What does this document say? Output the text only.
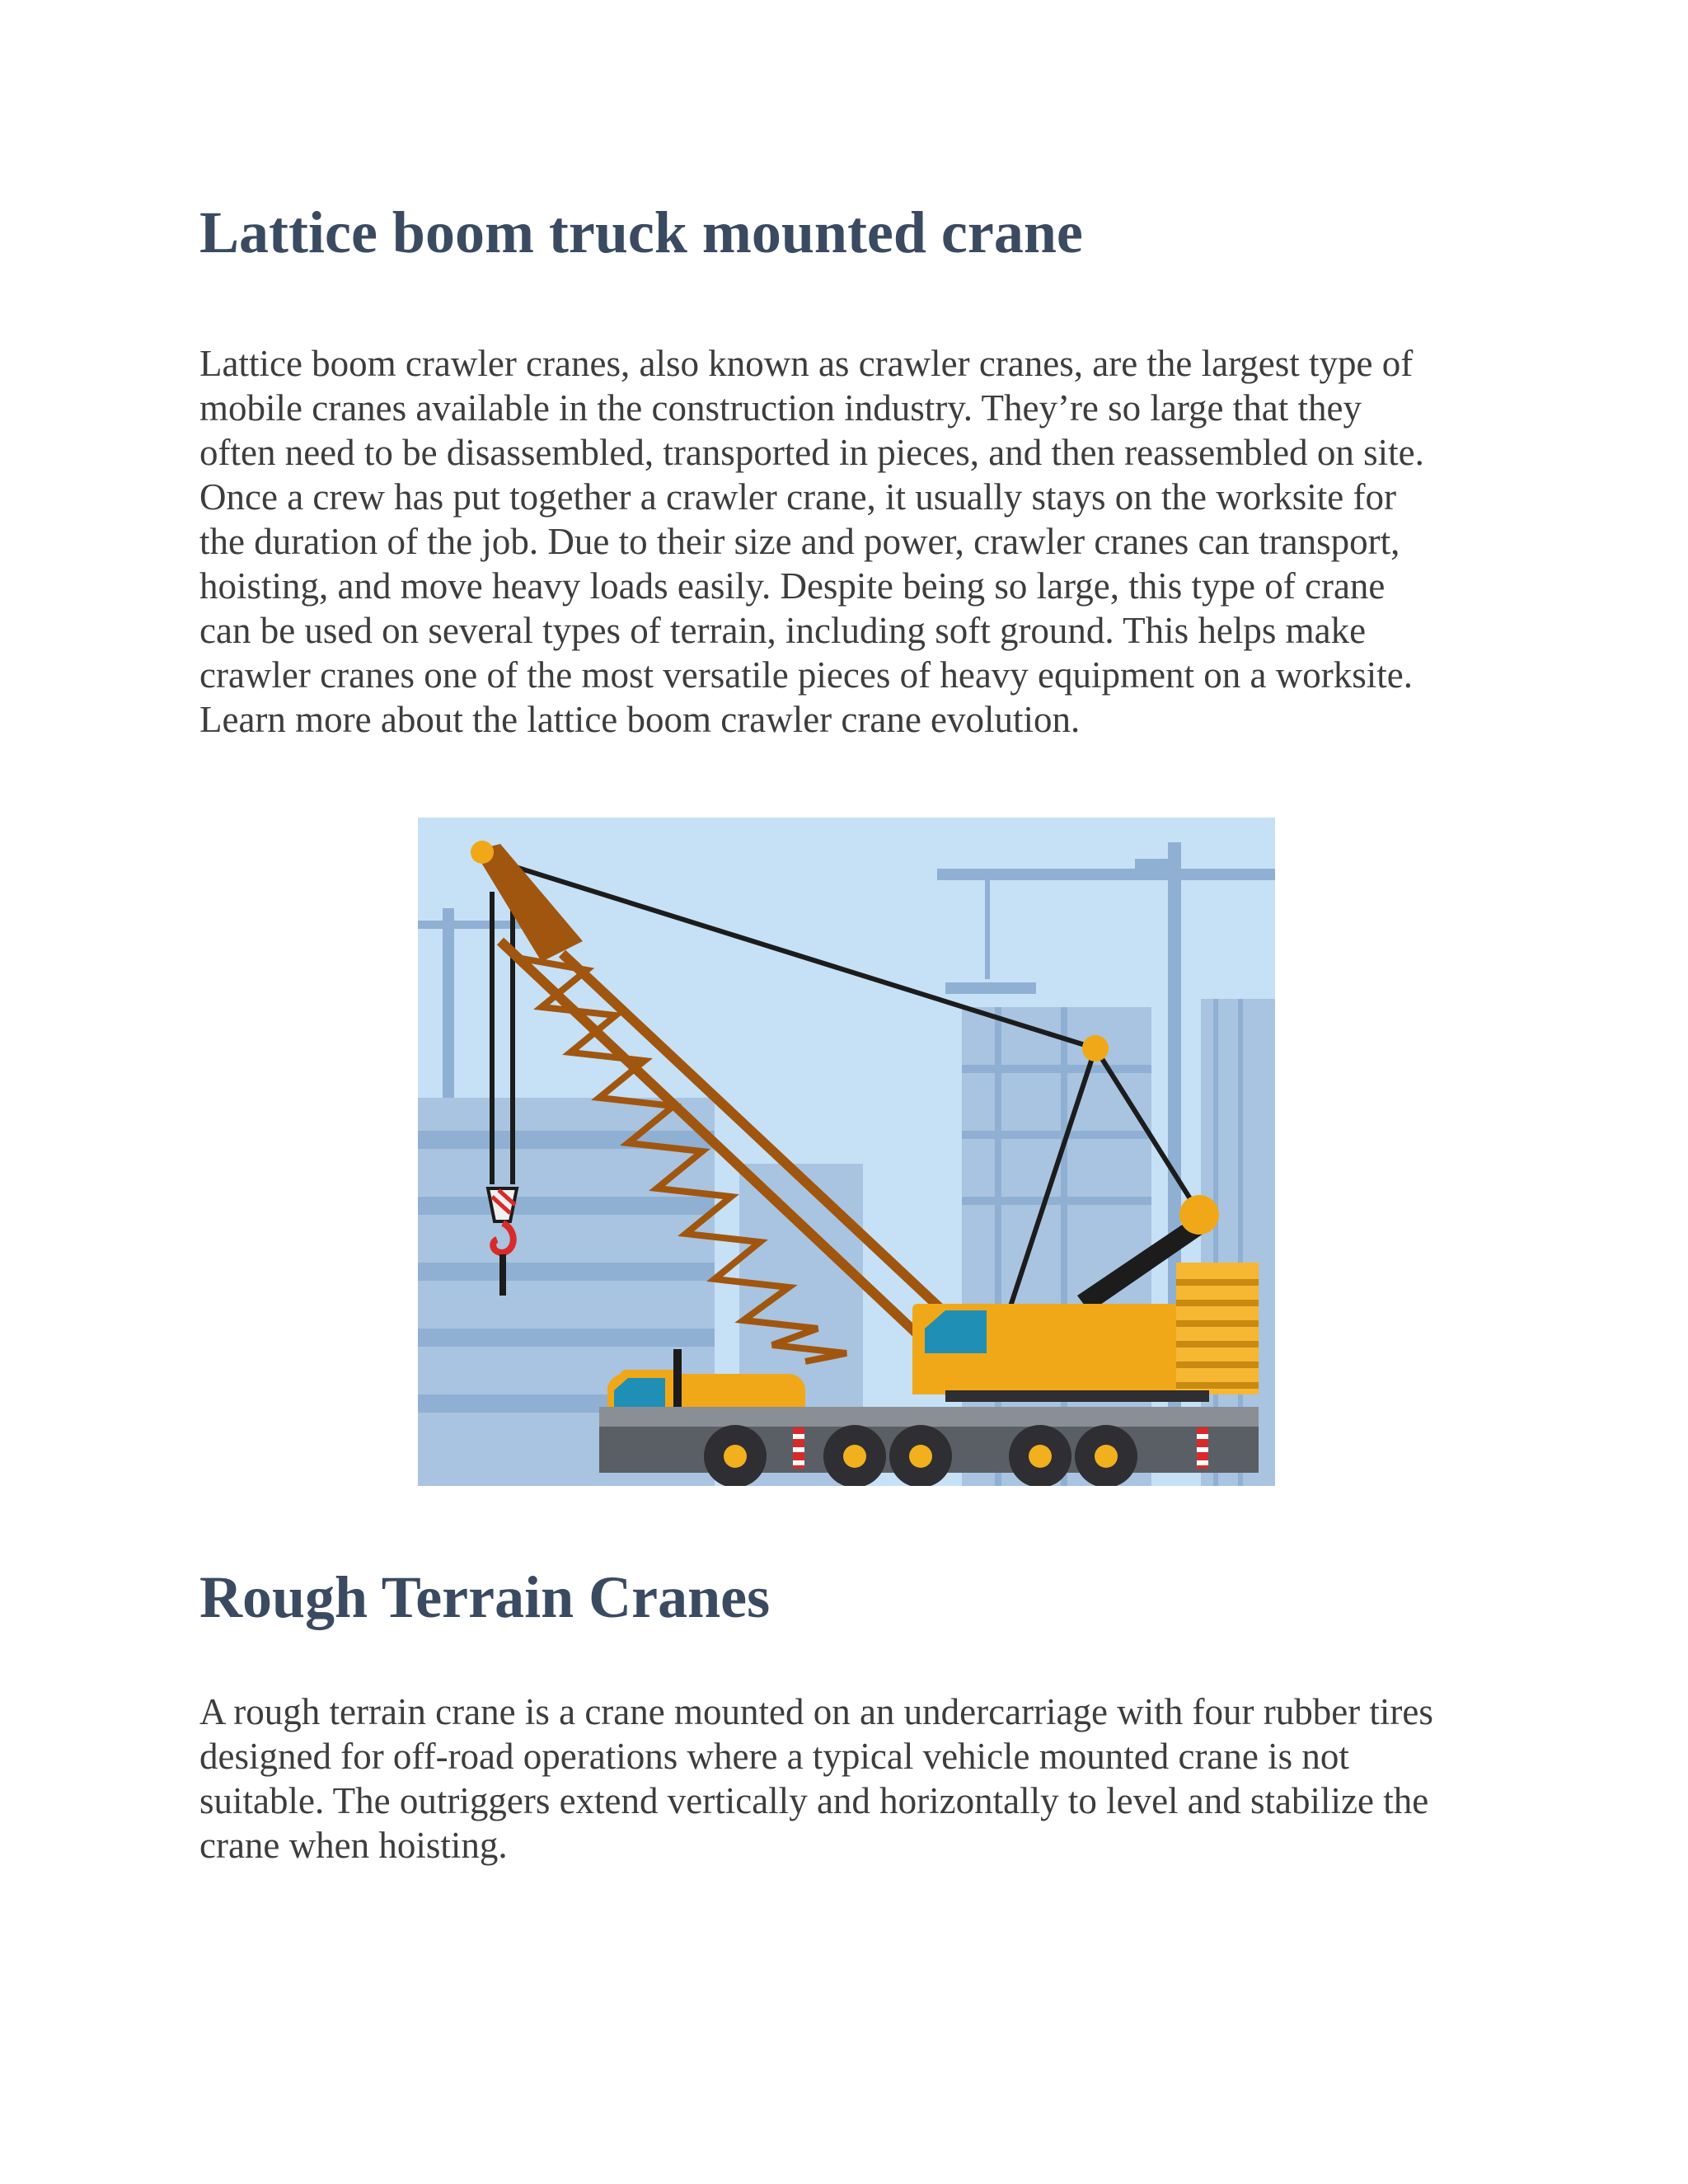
Lattice boom truck mounted crane

Lattice boom crawler cranes, also known as crawler cranes, are the largest type of
mobile cranes available in the construction industry. They’re so large that they
often need to be disassembled, transported in pieces, and then reassembled on site.
Once a crew has put together a crawler crane, it usually stays on the worksite for
the duration of the job. Due to their size and power, crawler cranes can transport,
hoisting, and move heavy loads easily. Despite being so large, this type of crane
can be used on several types of terrain, including soft ground. This helps make
crawler cranes one of the most versatile pieces of heavy equipment on a worksite.
Learn more about the lattice boom crawler crane evolution.

Rough Terrain Cranes

A rough terrain crane is a crane mounted on an undercarriage with four rubber tires
designed for off-road operations where a typical vehicle mounted crane is not
suitable. The outriggers extend vertically and horizontally to level and stabilize the
crane when hoisting.
